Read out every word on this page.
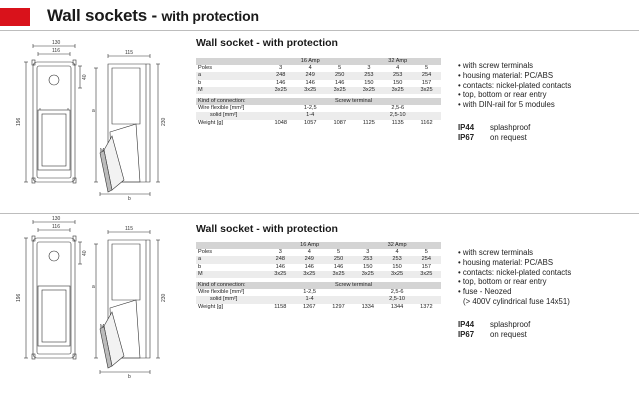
Wall sockets - with protection
130
116	115
196	230
40
a
b
M
Wall socket - with protection
	16 Amp			32 Amp		
Poles	3	4	5	3	4	5
a	248	249	250	253	253	254
b	146	146	146	150	150	157
M	3x25	3x25	3x25	3x25	3x25	3x25

Kind of connection:	Screw terminal					
Wire flexible [mm²]	1-2,5			2,5-6		
solid [mm²]	1-4			2,5-10		
Weight [g]	1048	1057	1087	1125	1135	1162
• with screw terminals
• housing material: PC/ABS
• contacts: nickel-plated contacts
• top, bottom or rear entry
• with DIN-rail for 5 modules
IP44 splashproof
IP67 on request
130
116	115
196	230
40
a
b
M
Wall socket - with protection
	16 Amp			32 Amp		
Poles	3	4	5	3	4	5
a	248	249	250	253	253	254
b	146	146	146	150	150	157
M	3x25	3x25	3x25	3x25	3x25	3x25

Kind of connection:	Screw terminal					
Wire flexible [mm²]	1-2,5			2,5-6		
solid [mm²]	1-4			2,5-10		
Weight [g]	1158	1267	1297	1334	1344	1372
• with screw terminals
• housing material: PC/ABS
• contacts: nickel-plated contacts
• top, bottom or rear entry
• fuse - Neozed
(> 400V cylindrical fuse 14x51)
IP44 splashproof
IP67 on request
